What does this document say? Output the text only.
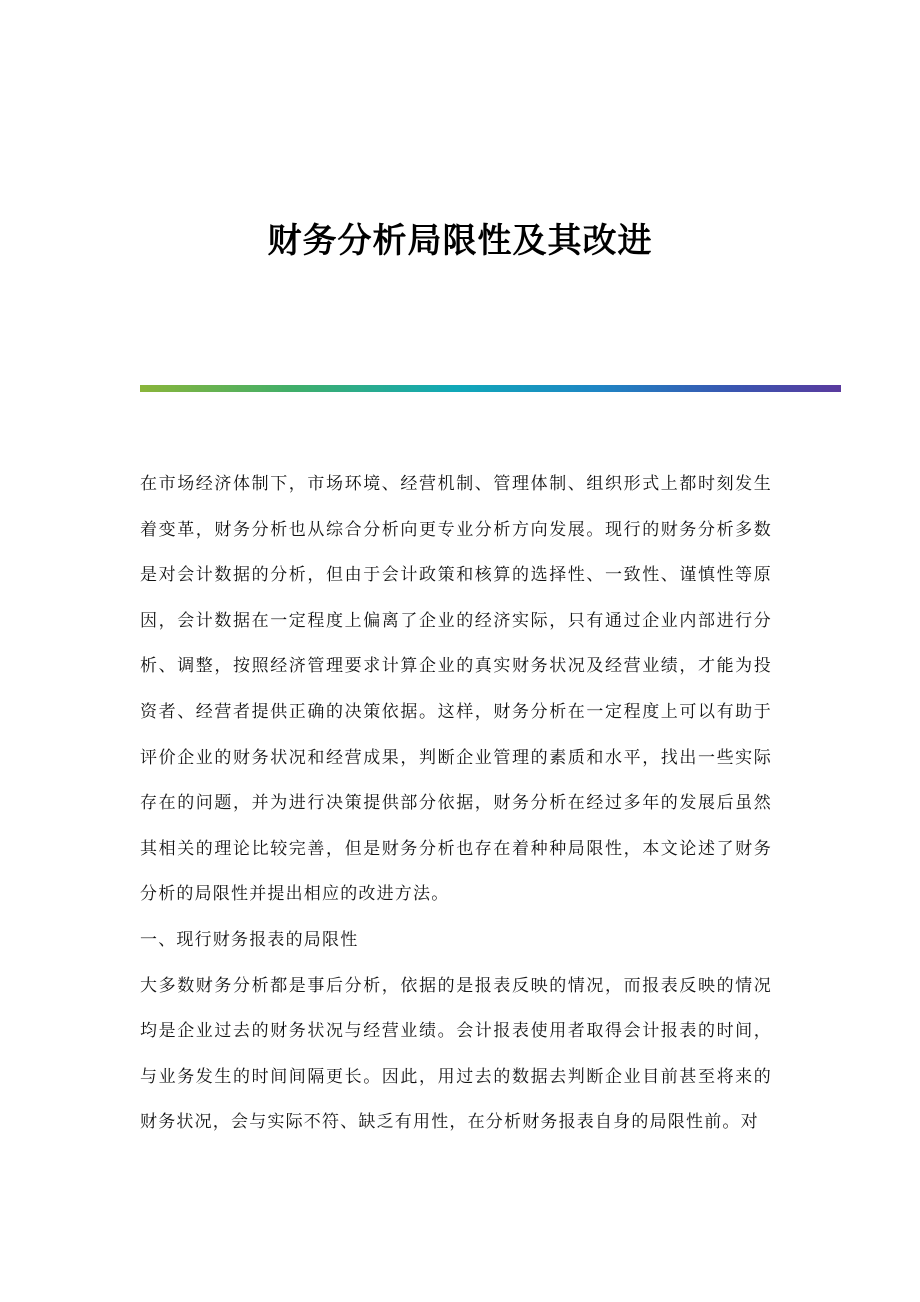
财务分析局限性及其改进

在市场经济体制下，市场环境、经营机制、管理体制、组织形式上都时刻发生着变革，财务分析也从综合分析向更专业分析方向发展。现行的财务分析多数是对会计数据的分析，但由于会计政策和核算的选择性、一致性、谨慎性等原因，会计数据在一定程度上偏离了企业的经济实际，只有通过企业内部进行分析、调整，按照经济管理要求计算企业的真实财务状况及经营业绩，才能为投资者、经营者提供正确的决策依据。这样，财务分析在一定程度上可以有助于评价企业的财务状况和经营成果，判断企业管理的素质和水平，找出一些实际存在的问题，并为进行决策提供部分依据，财务分析在经过多年的发展后虽然其相关的理论比较完善，但是财务分析也存在着种种局限性，本文论述了财务分析的局限性并提出相应的改进方法。

一、现行财务报表的局限性

大多数财务分析都是事后分析，依据的是报表反映的情况，而报表反映的情况均是企业过去的财务状况与经营业绩。会计报表使用者取得会计报表的时间，与业务发生的时间间隔更长。因此，用过去的数据去判断企业目前甚至将来的财务状况，会与实际不符、缺乏有用性，在分析财务报表自身的局限性前。对
